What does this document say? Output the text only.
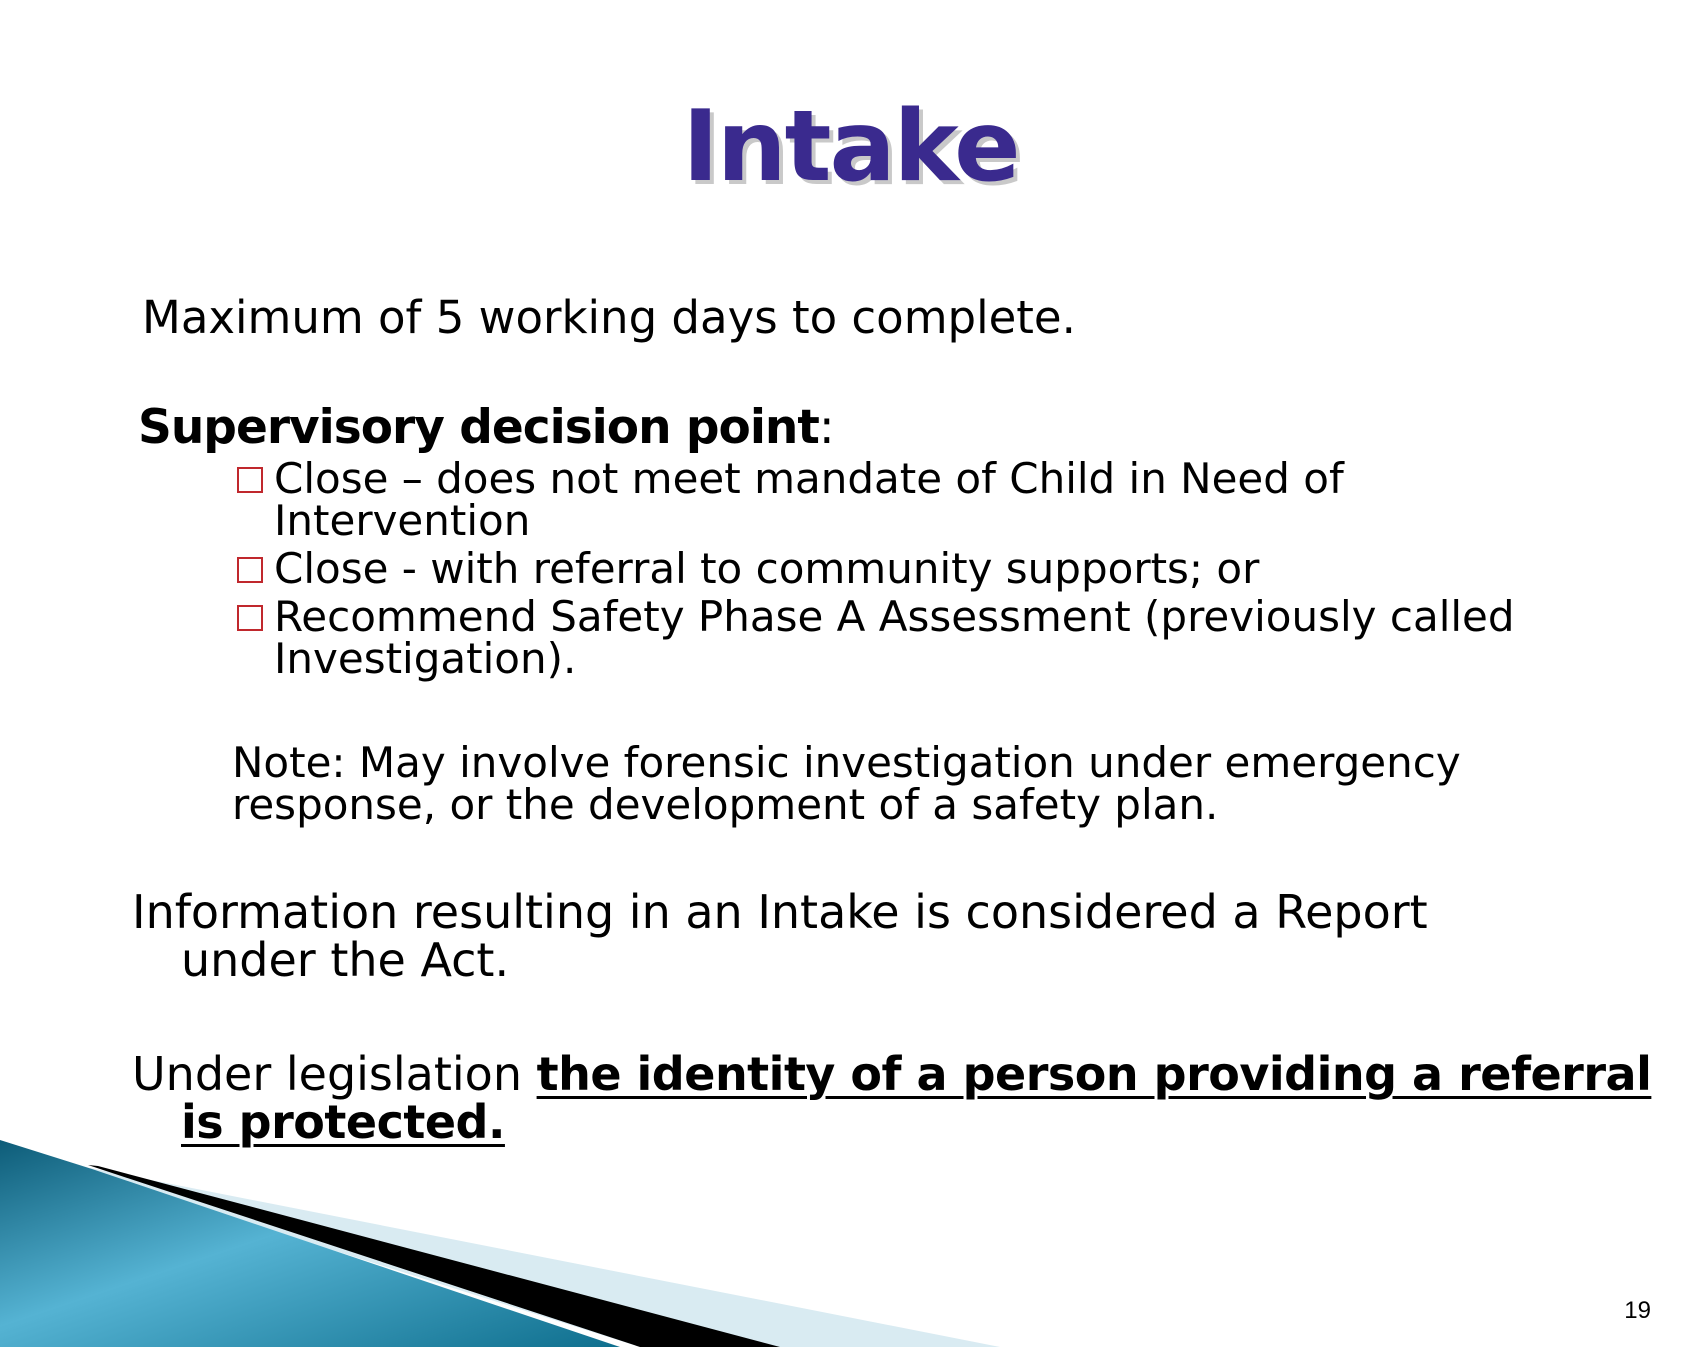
Intake
Maximum of 5 working days to complete.
Supervisory decision point:
Close – does not meet mandate of Child in Need of
Intervention
Close - with referral to community supports; or
Recommend Safety Phase A Assessment (previously called
Investigation).
Note: May involve forensic investigation under emergency
response, or the development of a safety plan.
Information resulting in an Intake is considered a Report
under the Act.
Under legislation the identity of a person providing a referral
is protected.
19
